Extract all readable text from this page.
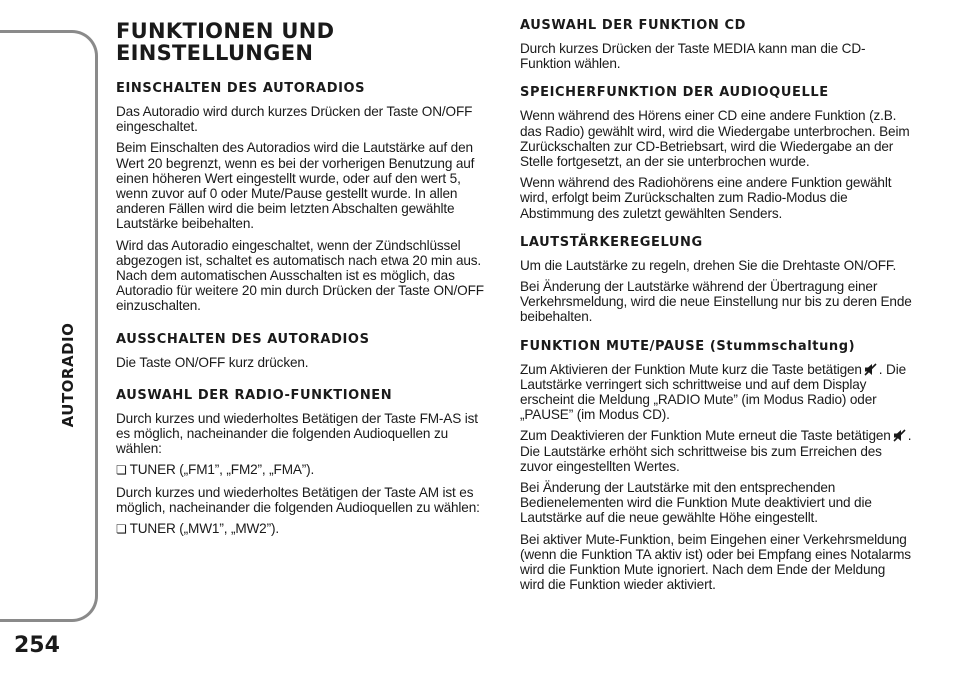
AUTORADIO
254
FUNKTIONEN UND
EINSTELLUNGEN
EINSCHALTEN DES AUTORADIOS

Das Autoradio wird durch kurzes Drücken der Taste ON/OFF eingeschaltet.

Beim Einschalten des Autoradios wird die Lautstärke auf den Wert 20 begrenzt, wenn es bei der vorherigen Benutzung auf einen höheren Wert eingestellt wurde, oder auf den wert 5, wenn zuvor auf 0 oder Mute/Pause gestellt wurde. In allen anderen Fällen wird die beim letzten Abschalten gewählte Lautstärke beibehalten.

Wird das Autoradio eingeschaltet, wenn der Zündschlüssel abgezogen ist, schaltet es automatisch nach etwa 20 min aus. Nach dem automatischen Ausschalten ist es möglich, das Autoradio für weitere 20 min durch Drücken der Taste ON/OFF einzuschalten.

AUSSCHALTEN DES AUTORADIOS

Die Taste ON/OFF kurz drücken.

AUSWAHL DER RADIO-FUNKTIONEN

Durch kurzes und wiederholtes Betätigen der Taste FM-AS ist es möglich, nacheinander die folgenden Audioquellen zu wählen:

❏ TUNER („FM1”, „FM2”, „FMA”).

Durch kurzes und wiederholtes Betätigen der Taste AM ist es möglich, nacheinander die folgenden Audioquellen zu wählen:

❏ TUNER („MW1”, „MW2”).

AUSWAHL DER FUNKTION CD

Durch kurzes Drücken der Taste MEDIA kann man die CD-Funktion wählen.

SPEICHERFUNKTION DER AUDIOQUELLE

Wenn während des Hörens einer CD eine andere Funktion (z.B. das Radio) gewählt wird, wird die Wiedergabe unterbrochen. Beim Zurückschalten zur CD-Betriebsart, wird die Wiedergabe an der Stelle fortgesetzt, an der sie unterbrochen wurde.

Wenn während des Radiohörens eine andere Funktion gewählt wird, erfolgt beim Zurückschalten zum Radio-Modus die Abstimmung des zuletzt gewählten Senders.

LAUTSTÄRKEREGELUNG

Um die Lautstärke zu regeln, drehen Sie die Drehtaste ON/OFF.

Bei Änderung der Lautstärke während der Übertragung einer Verkehrsmeldung, wird die neue Einstellung nur bis zu deren Ende beibehalten.

FUNKTION MUTE/PAUSE (Stummschaltung)

Zum Aktivieren der Funktion Mute kurz die Taste betätigen . Die Lautstärke verringert sich schrittweise und auf dem Display erscheint die Meldung „RADIO Mute” (im Modus Radio) oder „PAUSE” (im Modus CD).

Zum Deaktivieren der Funktion Mute erneut die Taste betätigen . Die Lautstärke erhöht sich schrittweise bis zum Erreichen des zuvor eingestellten Wertes.

Bei Änderung der Lautstärke mit den entsprechenden Bedienelementen wird die Funktion Mute deaktiviert und die Lautstärke auf die neue gewählte Höhe eingestellt.

Bei aktiver Mute-Funktion, beim Eingehen einer Verkehrsmeldung (wenn die Funktion TA aktiv ist) oder bei Empfang eines Notalarms wird die Funktion Mute ignoriert. Nach dem Ende der Meldung wird die Funktion wieder aktiviert.
